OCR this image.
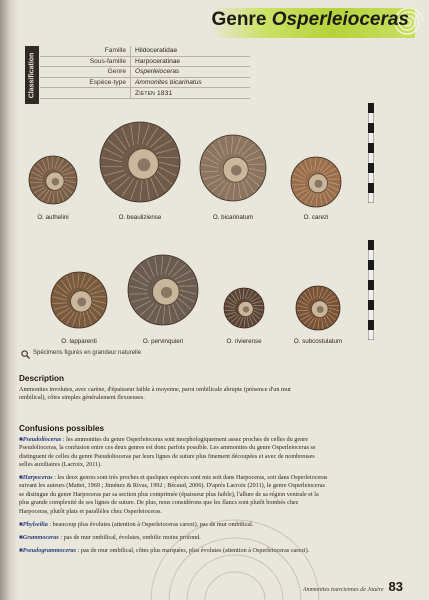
Genre Osperleioceras
Classification
Famille	Hildoceratidae
Sous-famille	Harpoceratinae
Genre	Osperleioceras
Espèce-type	Ammonites bicarinatus
Zieten 1831
O. authelini	O. beauliziense	O. bicarinatum	O. carezi
O. lapparenti	O. pervinquieri	O. rivierense	O. subcostulatum
Spécimens figurés en grandeur naturelle
Description
Ammonites involutes, avec carène, d'épaisseur faible à moyenne, paroi ombilicale abrupte (présence d'un mur
ombilical), côtes simples généralement flexueuses.
Confusions possibles
■Pseudolioceras : les ammonites du genre Osperleioceras sont morphologiquement assez proches de celles du genre
Pseudolioceras, la confusion entre ces deux genres est donc parfois possible. Les ammonites du genre Osperleioceras se
distinguent de celles du genre Pseudolioceras par leurs lignes de suture plus finement découpées et avec de nombreuses
selles auxiliaires (Lacroix, 2011).
■Harpoceras : les deux genres sont très proches et quelques espèces sont mis soit dans Harpoceras, soit dans Osperleioceras
suivant les auteurs (Mattei, 1969 ; Jiménez & Rivas, 1992 ; Bécaud, 2006). D'après Lacroix (2011), le genre Osperleioceras
se distingue du genre Harpoceras par sa section plus comprimée (épaisseur plus faible), l'allure de sa région ventrale et la
plus grande complexité de ses lignes de suture. De plus, nous considérons que les flancs sont plutôt bombés chez
Harpoceras, plutôt plats et parallèles chez Osperleioceras.
■Phylseilia : beaucoup plus évolutes (attention à Osperleioceras carezi), pas de mur ombilical.
■Grammoceras : pas de mur ombilical, évolutes, ombilic moins profond.
■Pseudogrammoceras : pas de mur ombilical, côtes plus marquées, plus évolutes (attention à Osperleioceras carezi).
Ammonites toarciennes de Jouère 83
